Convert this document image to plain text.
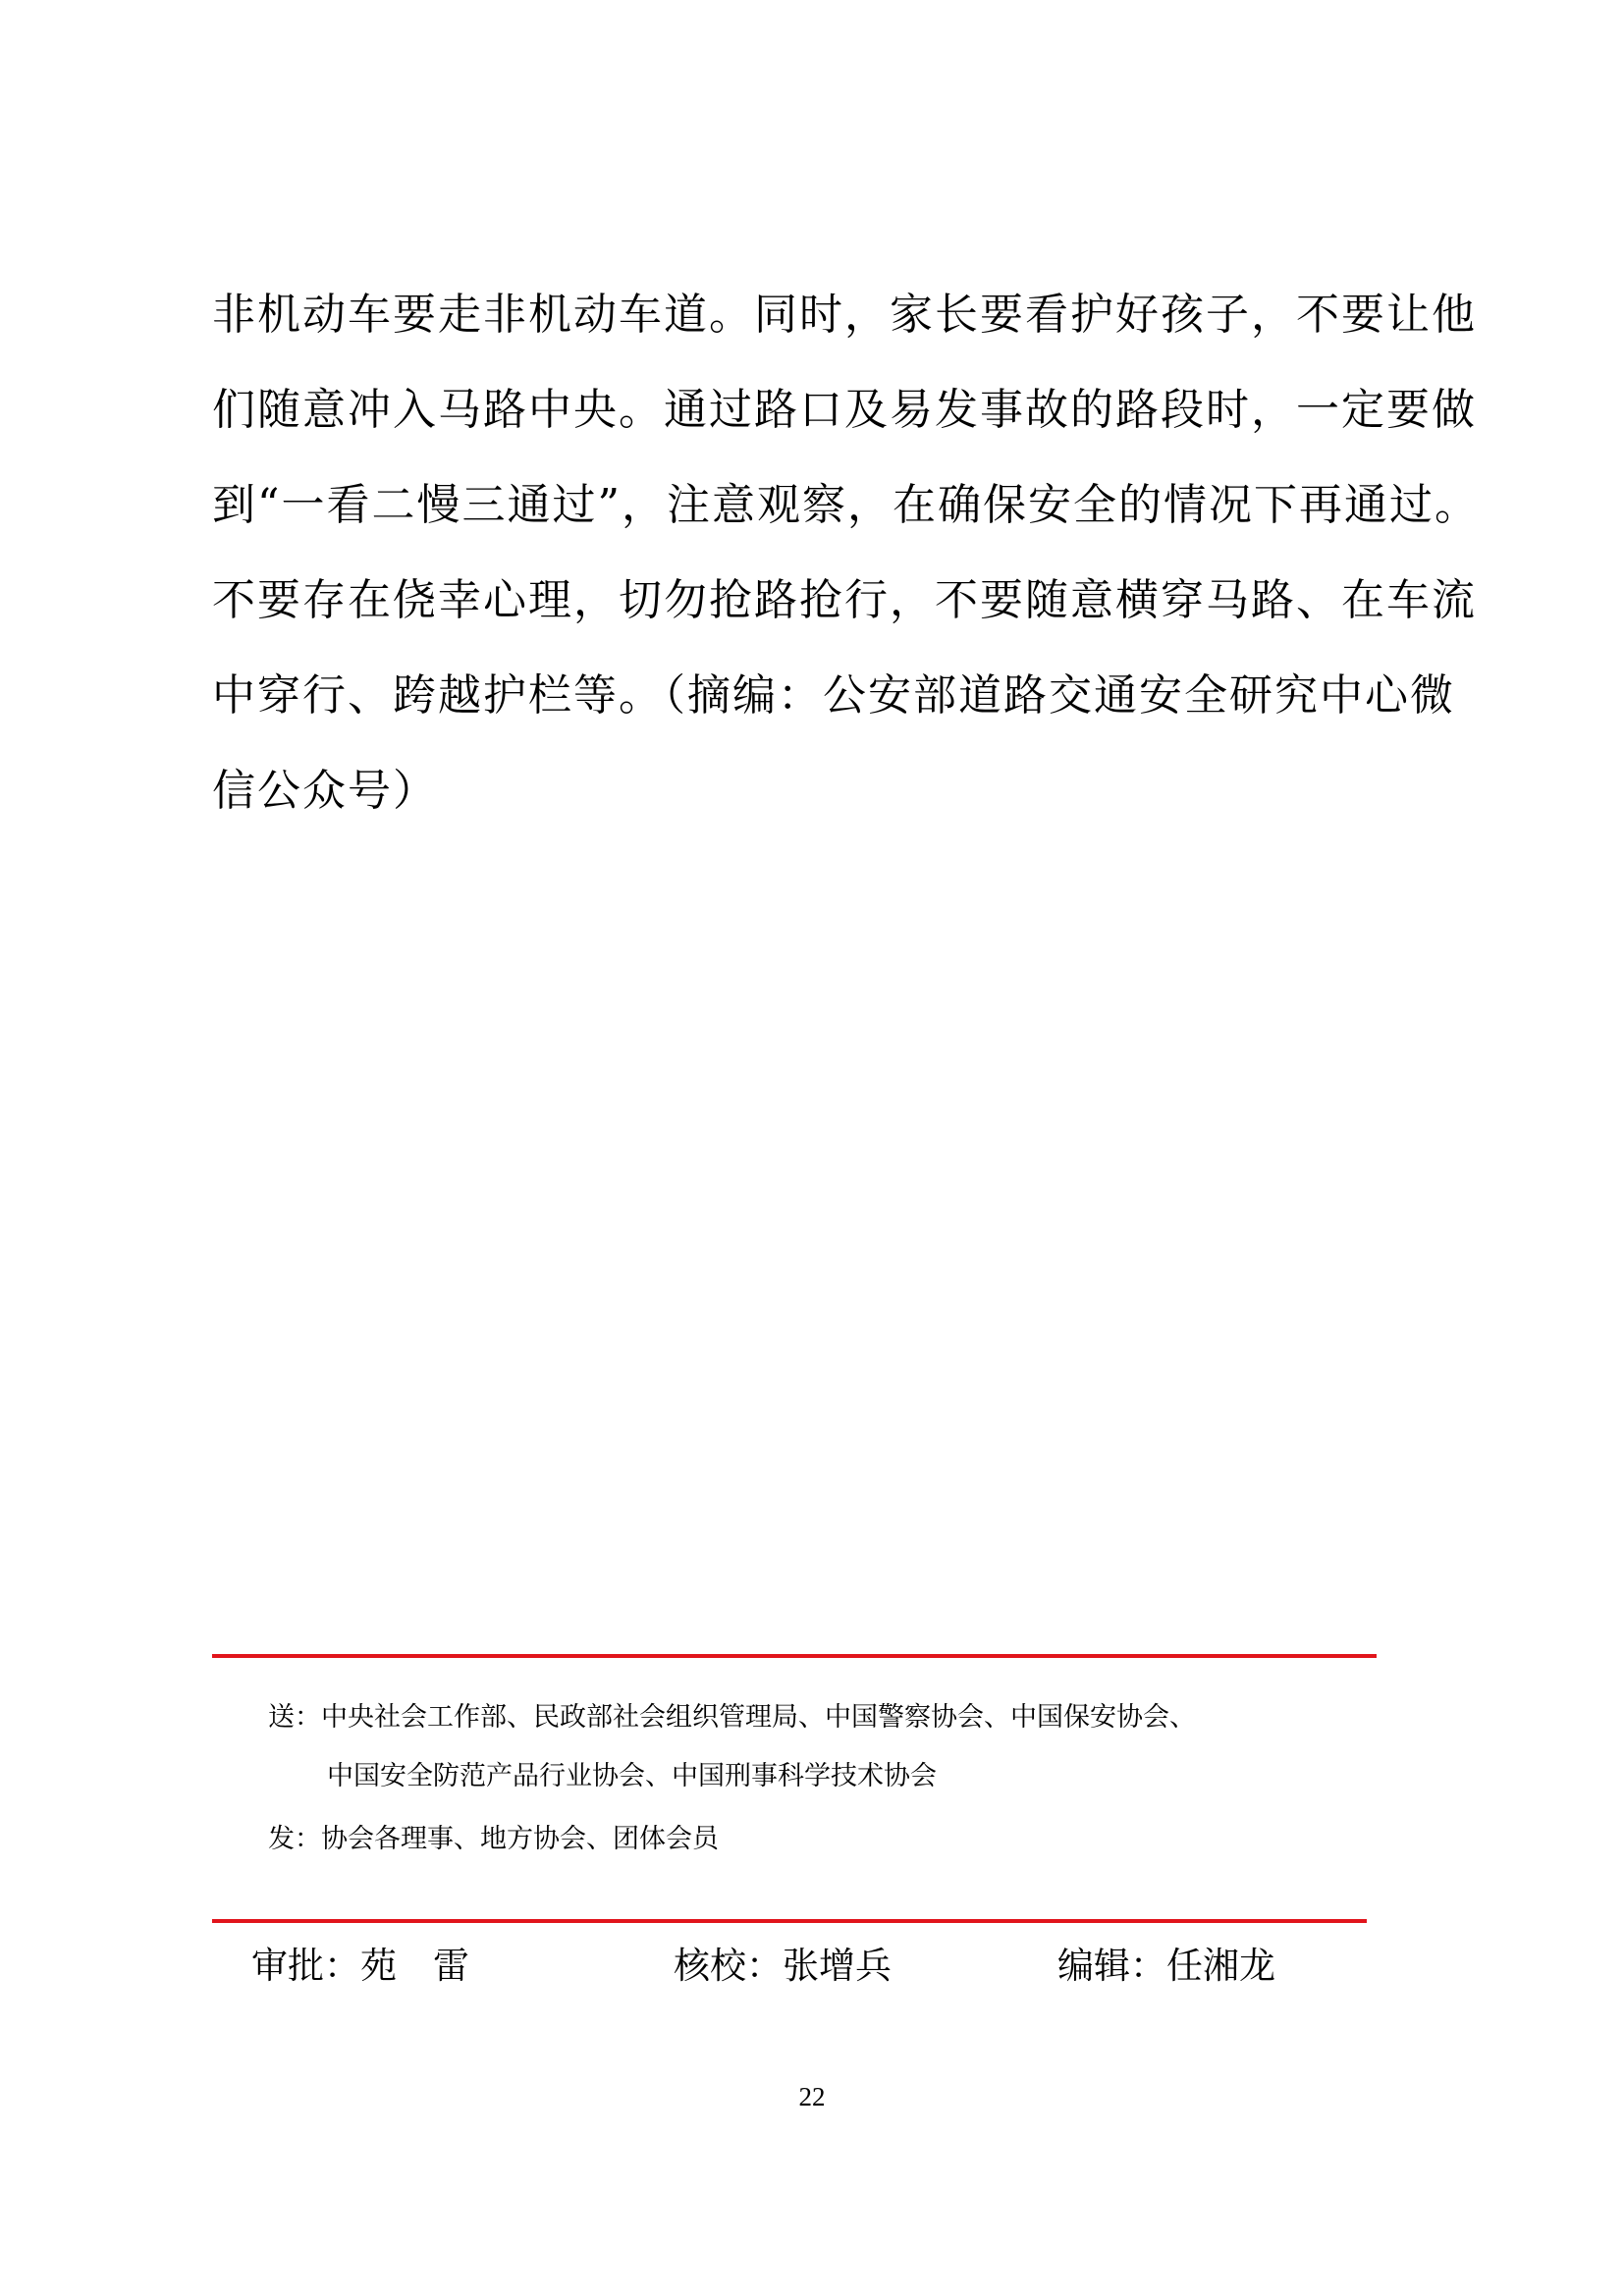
非机动车要走非机动车道。同时，家长要看护好孩子，不要让他
们随意冲入马路中央。通过路口及易发事故的路段时，一定要做
到“一看二慢三通过”，注意观察，在确保安全的情况下再通过。
不要存在侥幸心理，切勿抢路抢行，不要随意横穿马路、在车流
中穿行、跨越护栏等。（摘编：公安部道路交通安全研究中心微
信公众号）
送：中央社会工作部、民政部社会组织管理局、中国警察协会、中国保安协会、
中国安全防范产品行业协会、中国刑事科学技术协会
发：协会各理事、地方协会、团体会员
审批：苑　雷	核校：张增兵	编辑：任湘龙
22
